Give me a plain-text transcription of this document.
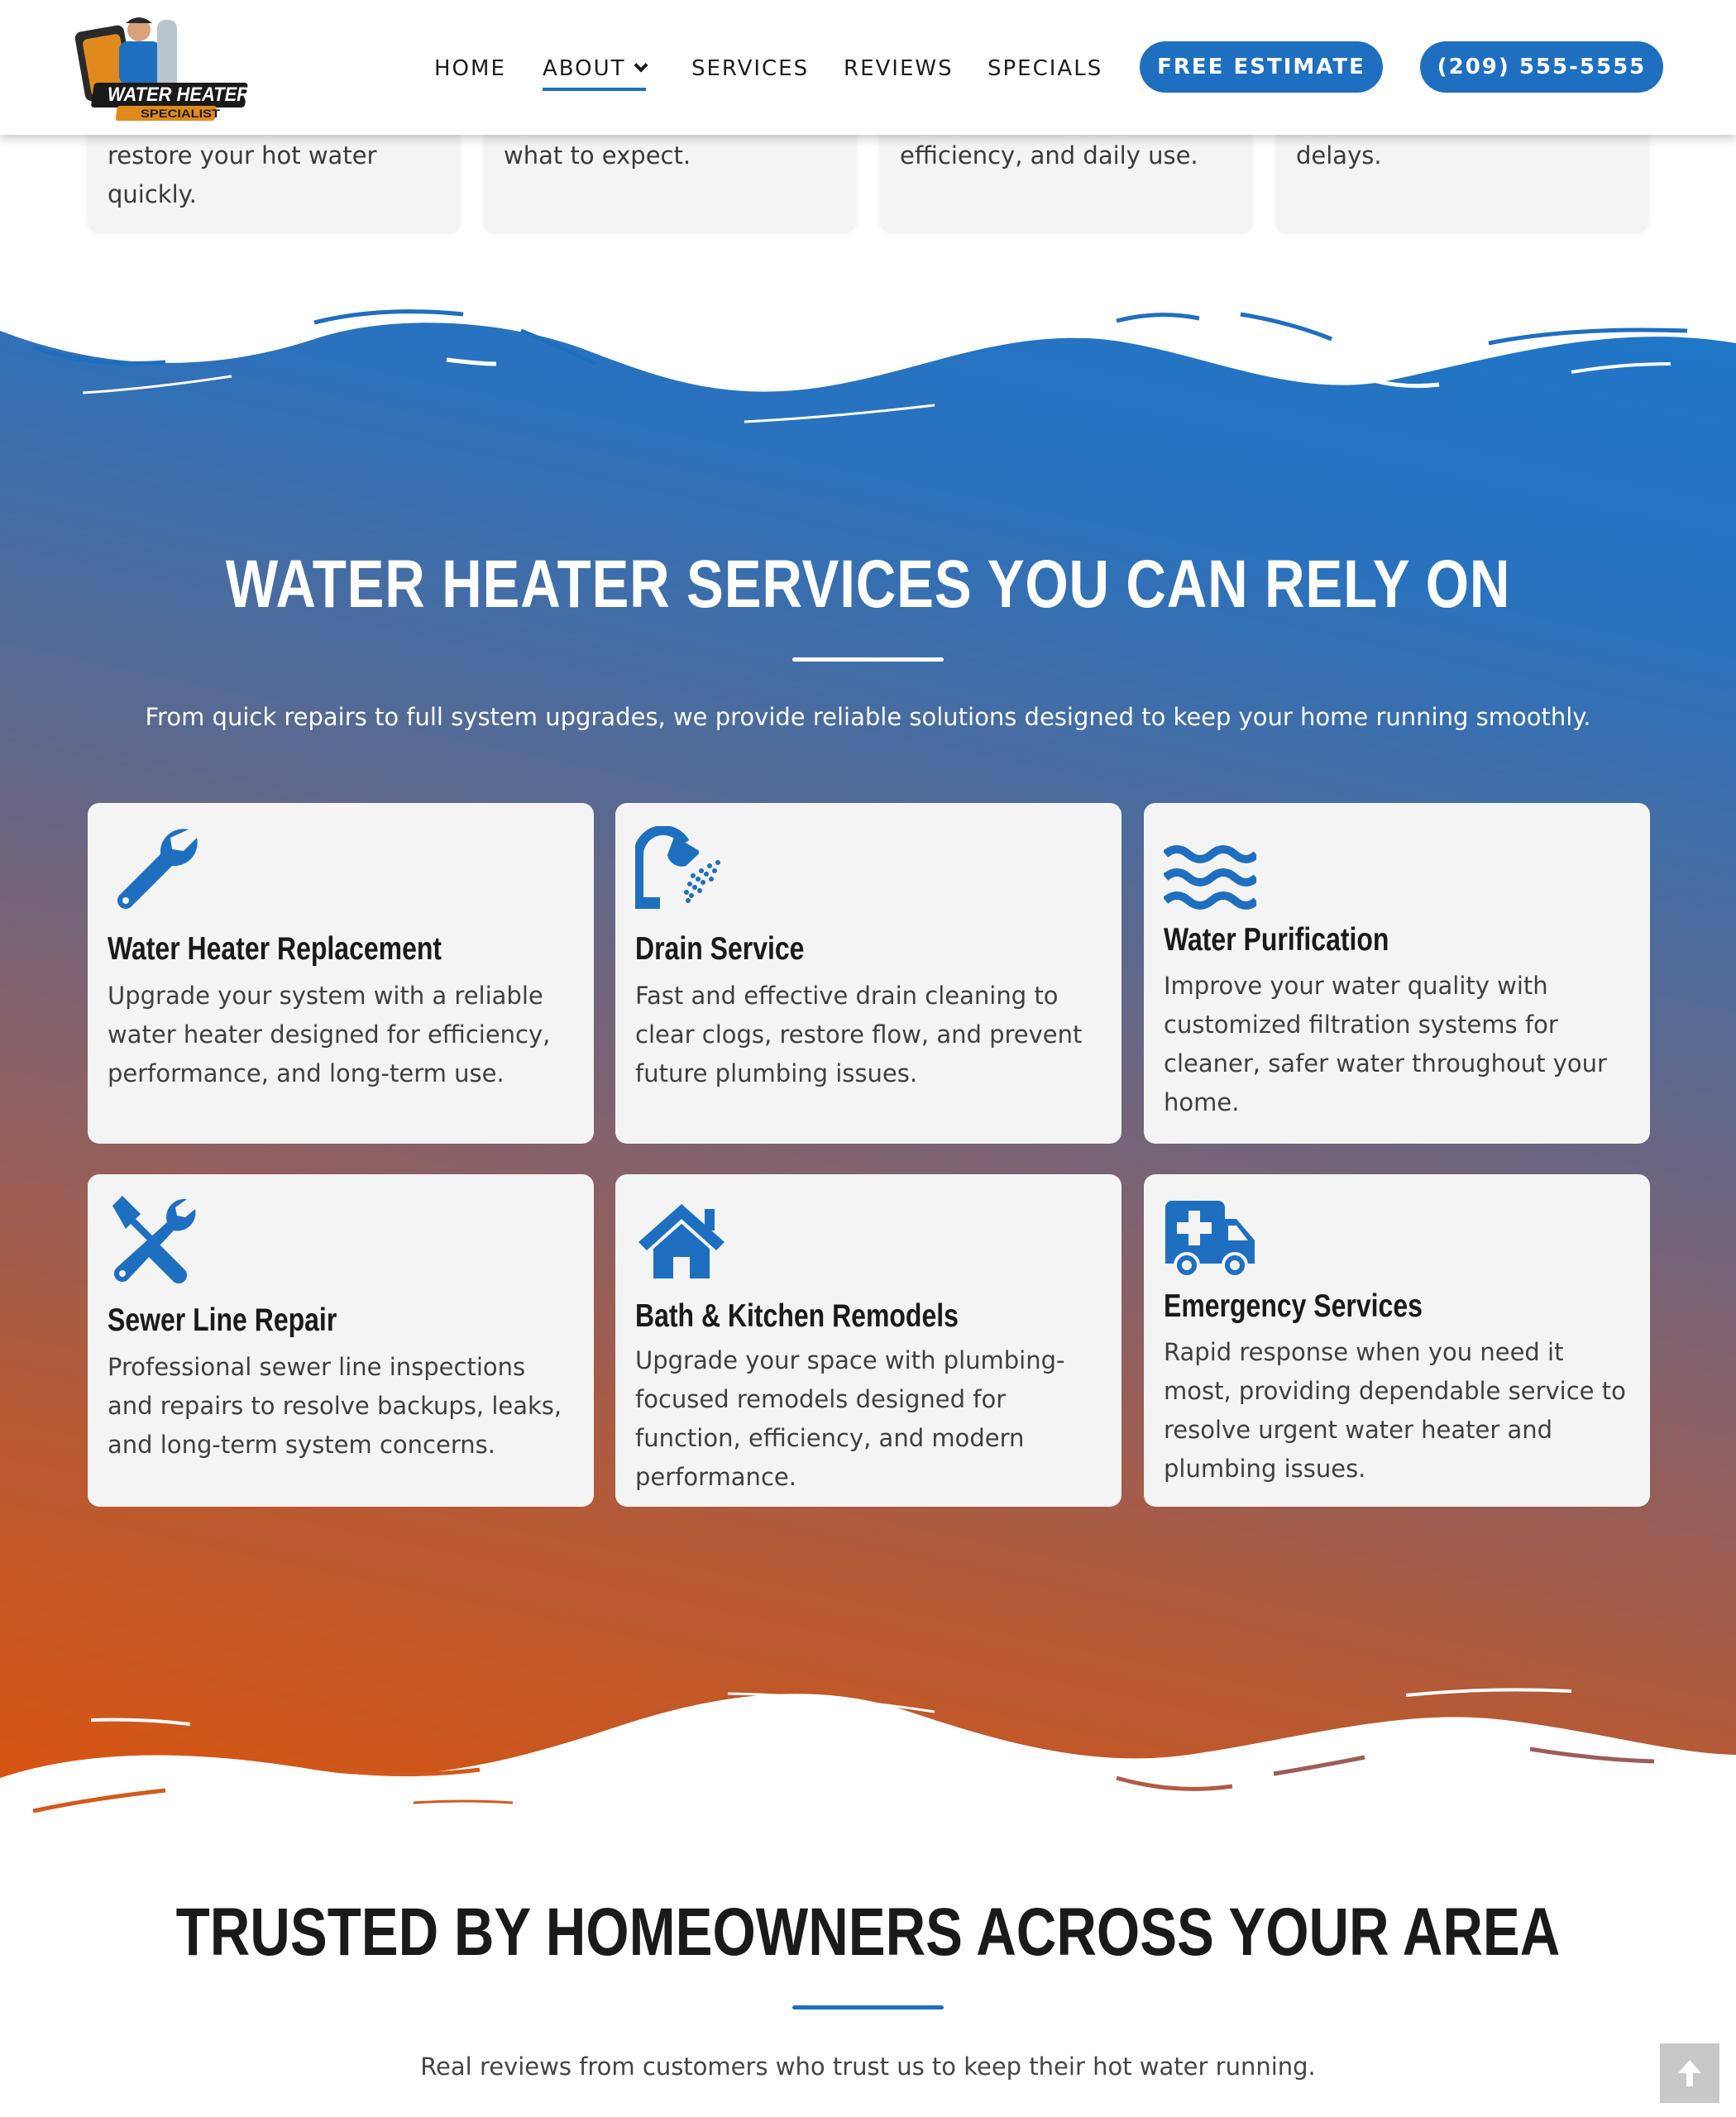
WATER HEATER
SPECIALIST
HOME ABOUT	SERVICES REVIEWS SPECIALS	FREE ESTIMATE	(209) 555-5555

restore your hot water quickly.

what to expect.	efficiency, and daily use.	delays.

WATER HEATER SERVICES YOU CAN RELY ON
From quick repairs to full system upgrades, we provide reliable solutions designed to keep your home running smoothly.
Water Heater Replacement

Upgrade your system with a reliable water heater designed for efficiency, performance, and long-term use.

Drain Service

Fast and effective drain cleaning to clear clogs, restore flow, and prevent future plumbing issues.

Water Purification

Improve your water quality with customized filtration systems for cleaner, safer water throughout your home.

Sewer Line Repair

Professional sewer line inspections and repairs to resolve backups, leaks, and long-term system concerns.

Bath & Kitchen Remodels

Upgrade your space with plumbing-focused remodels designed for function, efficiency, and modern performance.

Emergency Services

Rapid response when you need it most, providing dependable service to resolve urgent water heater and plumbing issues.

TRUSTED BY HOMEOWNERS ACROSS YOUR AREA
Real reviews from customers who trust us to keep their hot water running.
